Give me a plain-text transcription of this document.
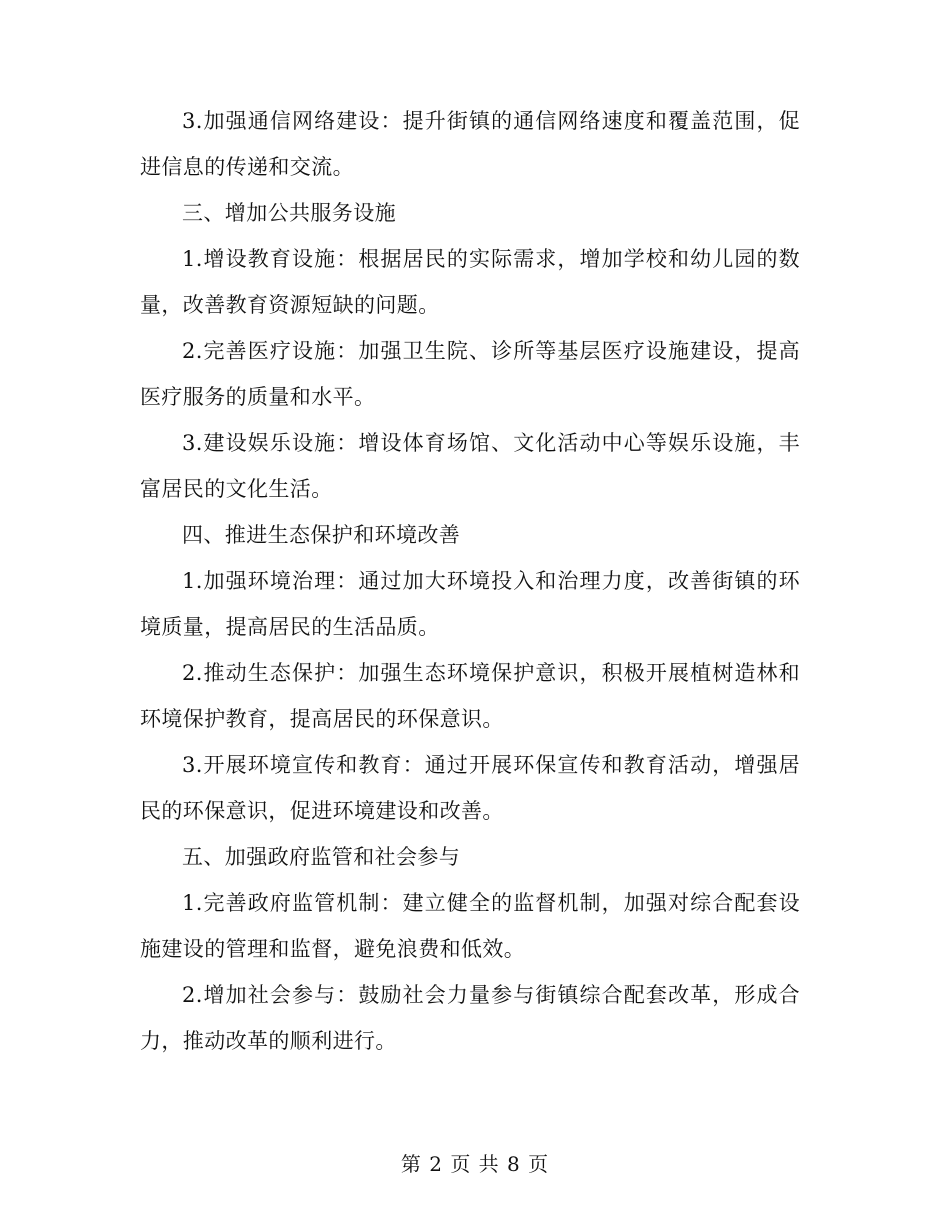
3.加强通信网络建设：提升街镇的通信网络速度和覆盖范围，促进信息的传递和交流。

三、增加公共服务设施

1.增设教育设施：根据居民的实际需求，增加学校和幼儿园的数量，改善教育资源短缺的问题。

2.完善医疗设施：加强卫生院、诊所等基层医疗设施建设，提高医疗服务的质量和水平。

3.建设娱乐设施：增设体育场馆、文化活动中心等娱乐设施，丰富居民的文化生活。

四、推进生态保护和环境改善

1.加强环境治理：通过加大环境投入和治理力度，改善街镇的环境质量，提高居民的生活品质。

2.推动生态保护：加强生态环境保护意识，积极开展植树造林和环境保护教育，提高居民的环保意识。

3.开展环境宣传和教育：通过开展环保宣传和教育活动，增强居民的环保意识，促进环境建设和改善。

五、加强政府监管和社会参与

1.完善政府监管机制：建立健全的监督机制，加强对综合配套设施建设的管理和监督，避免浪费和低效。

2.增加社会参与：鼓励社会力量参与街镇综合配套改革，形成合力，推动改革的顺利进行。

第 2 页 共 8 页
